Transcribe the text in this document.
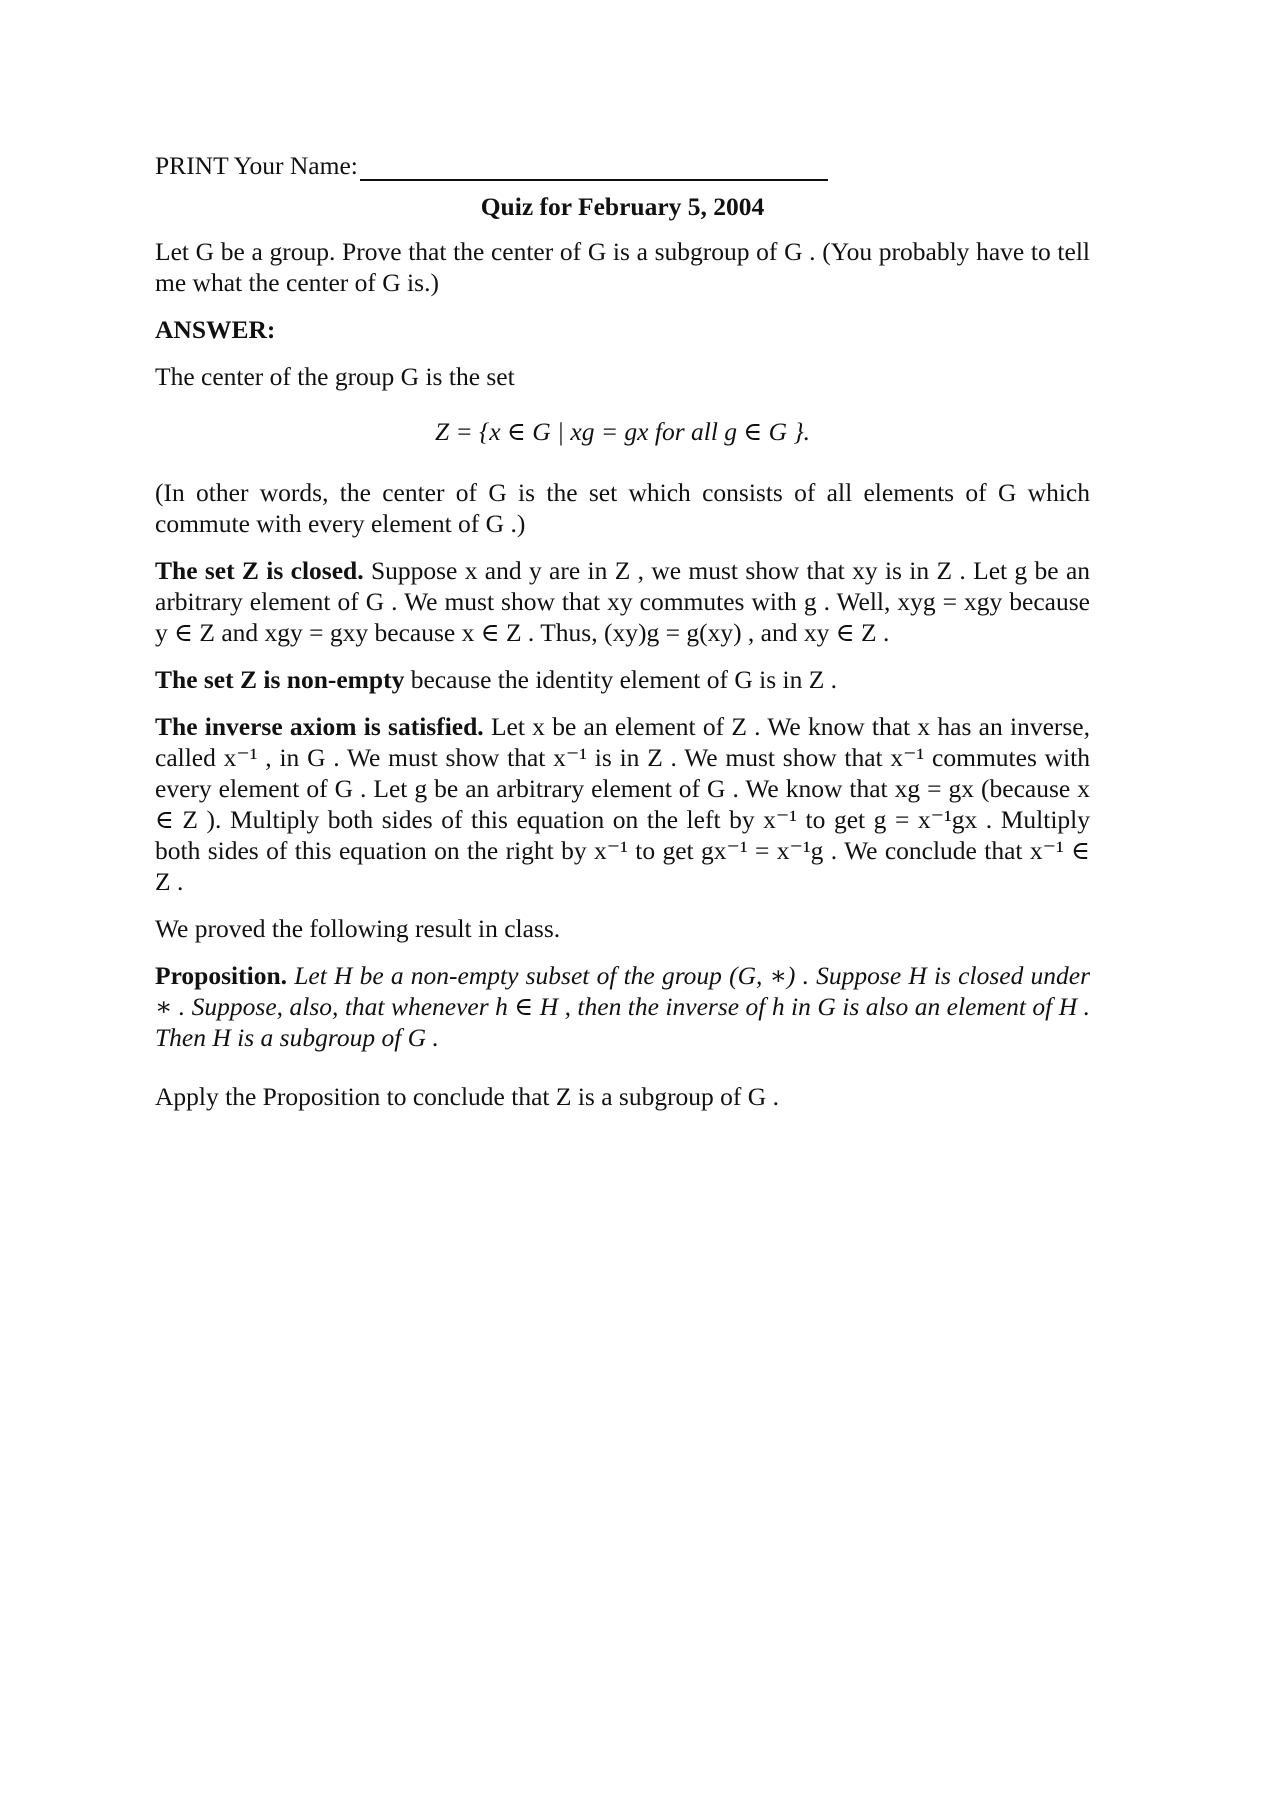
PRINT Your Name:
Quiz for February 5, 2004

Let G be a group. Prove that the center of G is a subgroup of G . (You probably have to tell me what the center of G is.)

ANSWER:

The center of the group G is the set

Z = {x ∈ G | xg = gx for all g ∈ G }.

(In other words, the center of G is the set which consists of all elements of G which commute with every element of G .)

The set Z is closed. Suppose x and y are in Z , we must show that xy is in Z . Let g be an arbitrary element of G . We must show that xy commutes with g . Well, xyg = xgy because y ∈ Z and xgy = gxy because x ∈ Z . Thus, (xy)g = g(xy) , and xy ∈ Z .

The set Z is non-empty because the identity element of G is in Z .

The inverse axiom is satisfied. Let x be an element of Z . We know that x has an inverse, called x⁻¹ , in G . We must show that x⁻¹ is in Z . We must show that x⁻¹ commutes with every element of G . Let g be an arbitrary element of G . We know that xg = gx (because x ∈ Z ). Multiply both sides of this equation on the left by x⁻¹ to get g = x⁻¹gx . Multiply both sides of this equation on the right by x⁻¹ to get gx⁻¹ = x⁻¹g . We conclude that x⁻¹ ∈ Z .

We proved the following result in class.

Proposition. Let H be a non-empty subset of the group (G, ∗) . Suppose H is closed under ∗ . Suppose, also, that whenever h ∈ H , then the inverse of h in G is also an element of H . Then H is a subgroup of G .

Apply the Proposition to conclude that Z is a subgroup of G .
